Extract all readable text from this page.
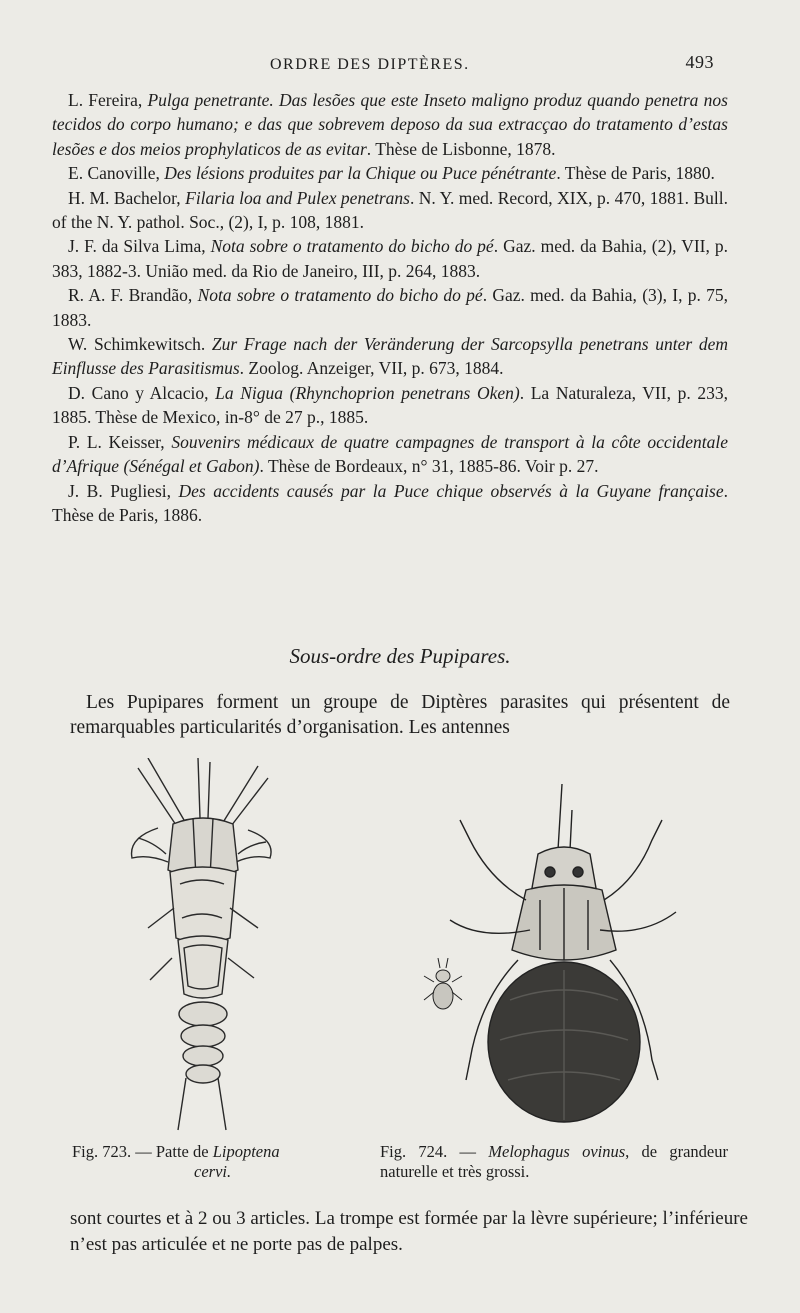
ORDRE DES DIPTÈRES.	493

L. Fereira, Pulga penetrante. Das lesões que este Inseto maligno produz quando penetra nos tecidos do corpo humano; e das que sobrevem deposo da sua extracçao do tratamento d’estas lesões e dos meios prophylaticos de as evitar. Thèse de Lisbonne, 1878.

E. Canoville, Des lésions produites par la Chique ou Puce pénétrante. Thèse de Paris, 1880.

H. M. Bachelor, Filaria loa and Pulex penetrans. N. Y. med. Record, XIX, p. 470, 1881. Bull. of the N. Y. pathol. Soc., (2), I, p. 108, 1881.

J. F. da Silva Lima, Nota sobre o tratamento do bicho do pé. Gaz. med. da Bahia, (2), VII, p. 383, 1882-3. União med. da Rio de Janeiro, III, p. 264, 1883.

R. A. F. Brandão, Nota sobre o tratamento do bicho do pé. Gaz. med. da Bahia, (3), I, p. 75, 1883.

W. Schimkewitsch. Zur Frage nach der Veränderung der Sarcopsylla penetrans unter dem Einflusse des Parasitismus. Zoolog. Anzeiger, VII, p. 673, 1884.

D. Cano y Alcacio, La Nigua (Rhynchoprion penetrans Oken). La Naturaleza, VII, p. 233, 1885. Thèse de Mexico, in-8° de 27 p., 1885.

P. L. Keisser, Souvenirs médicaux de quatre campagnes de transport à la côte occidentale d’Afrique (Sénégal et Gabon). Thèse de Bordeaux, n° 31, 1885-86. Voir p. 27.

J. B. Pugliesi, Des accidents causés par la Puce chique observés à la Guyane française. Thèse de Paris, 1886.

Sous-ordre des Pupipares.
Les Pupipares forment un groupe de Diptères parasites qui présentent de remarquables particularités d’organisation. Les antennes
Fig. 723. — Patte de Lipoptena
cervi.
Fig. 724. — Melophagus ovinus, de grandeur naturelle et très grossi.
sont courtes et à 2 ou 3 articles. La trompe est formée par la lèvre supérieure; l’inférieure n’est pas articulée et ne porte pas de palpes.
